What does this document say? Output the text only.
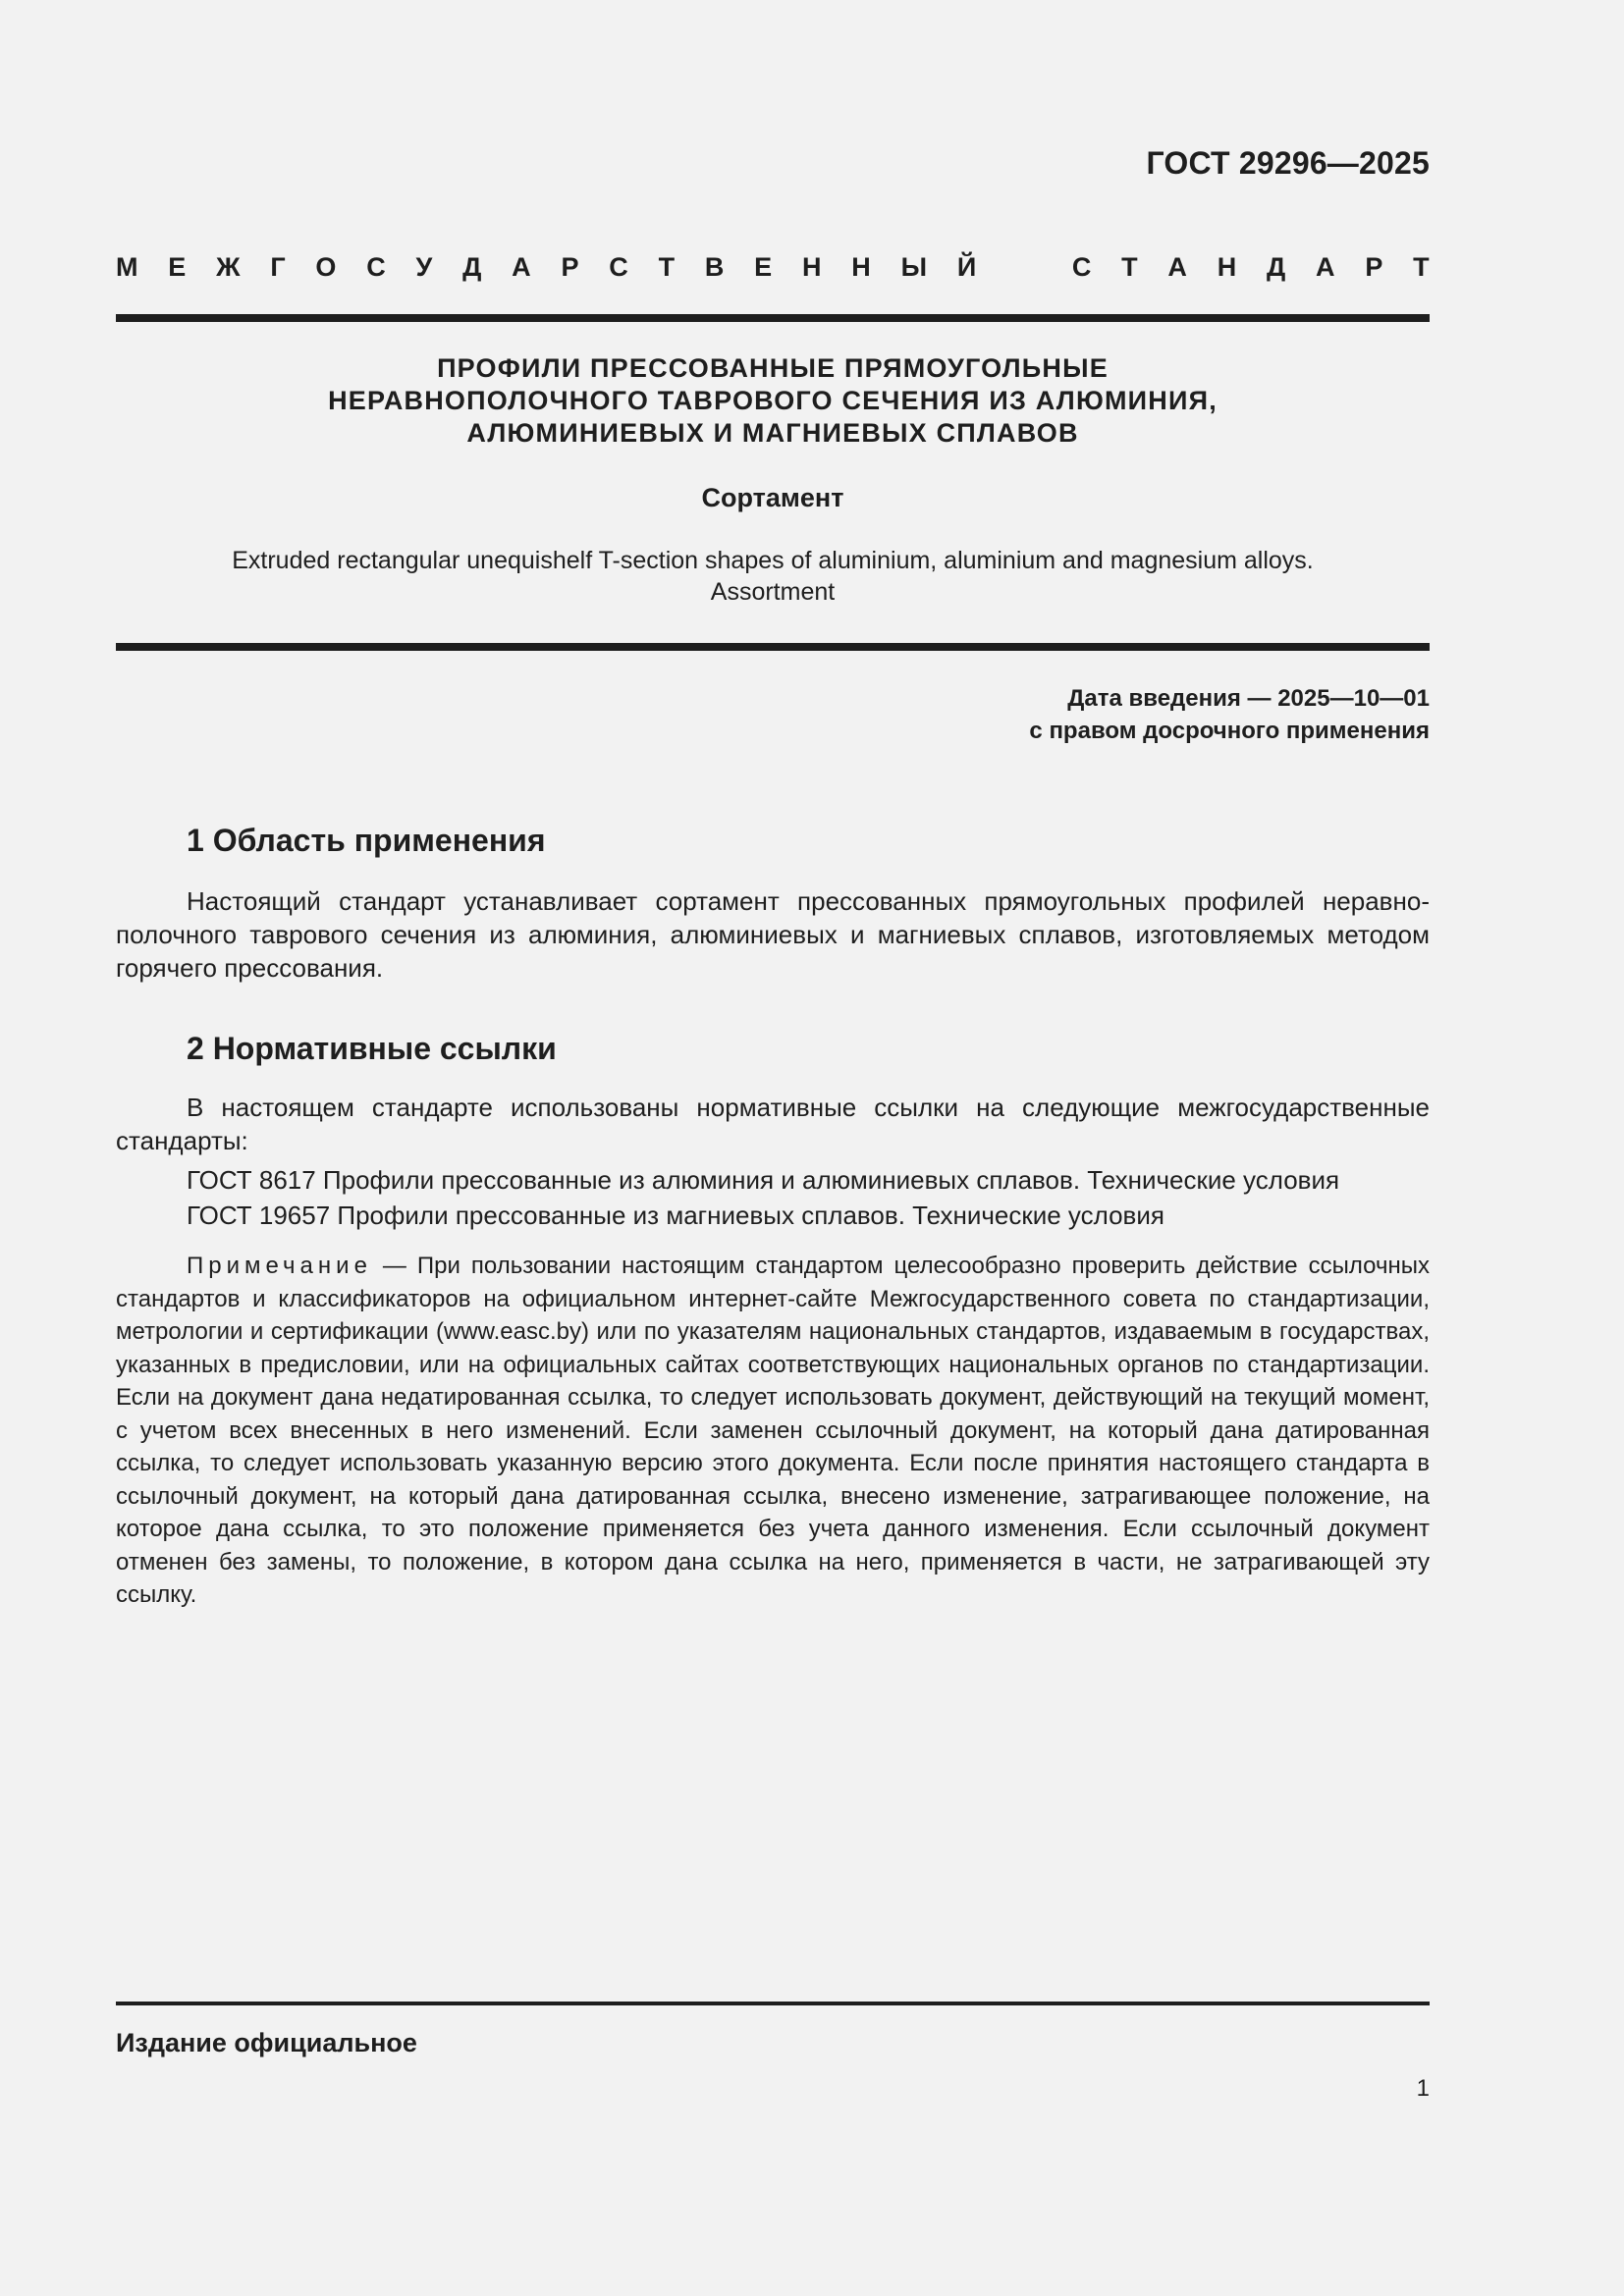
ГОСТ 29296—2025
М Е Ж Г О С У Д А Р С Т В Е Н Н Ы Й	С Т А Н Д А Р Т
ПРОФИЛИ ПРЕССОВАННЫЕ ПРЯМОУГОЛЬНЫЕ
НЕРАВНОПОЛОЧНОГО ТАВРОВОГО СЕЧЕНИЯ ИЗ АЛЮМИНИЯ,
АЛЮМИНИЕВЫХ И МАГНИЕВЫХ СПЛАВОВ
Сортамент
Extruded rectangular unequishelf T-section shapes of aluminium, aluminium and magnesium alloys.
Assortment
Дата введения — 2025—10—01
с правом досрочного применения
1 Область применения
Настоящий стандарт устанавливает сортамент прессованных прямоугольных профилей неравнополочного таврового сечения из алюминия, алюминиевых и магниевых сплавов, изготовляемых методом горячего прессования.
2 Нормативные ссылки
В настоящем стандарте использованы нормативные ссылки на следующие межгосударственные стандарты:
ГОСТ 8617 Профили прессованные из алюминия и алюминиевых сплавов. Технические условия
ГОСТ 19657 Профили прессованные из магниевых сплавов. Технические условия
Примечание — При пользовании настоящим стандартом целесообразно проверить действие ссылочных стандартов и классификаторов на официальном интернет-сайте Межгосударственного совета по стандартизации, метрологии и сертификации (www.easc.by) или по указателям национальных стандартов, издаваемым в государствах, указанных в предисловии, или на официальных сайтах соответствующих национальных органов по стандартизации. Если на документ дана недатированная ссылка, то следует использовать документ, действующий на текущий момент, с учетом всех внесенных в него изменений. Если заменен ссылочный документ, на который дана датированная ссылка, то следует использовать указанную версию этого документа. Если после принятия настоящего стандарта в ссылочный документ, на который дана датированная ссылка, внесено изменение, затрагивающее положение, на которое дана ссылка, то это положение применяется без учета данного изменения. Если ссылочный документ отменен без замены, то положение, в котором дана ссылка на него, применяется в части, не затрагивающей эту ссылку.
Издание официальное
1
